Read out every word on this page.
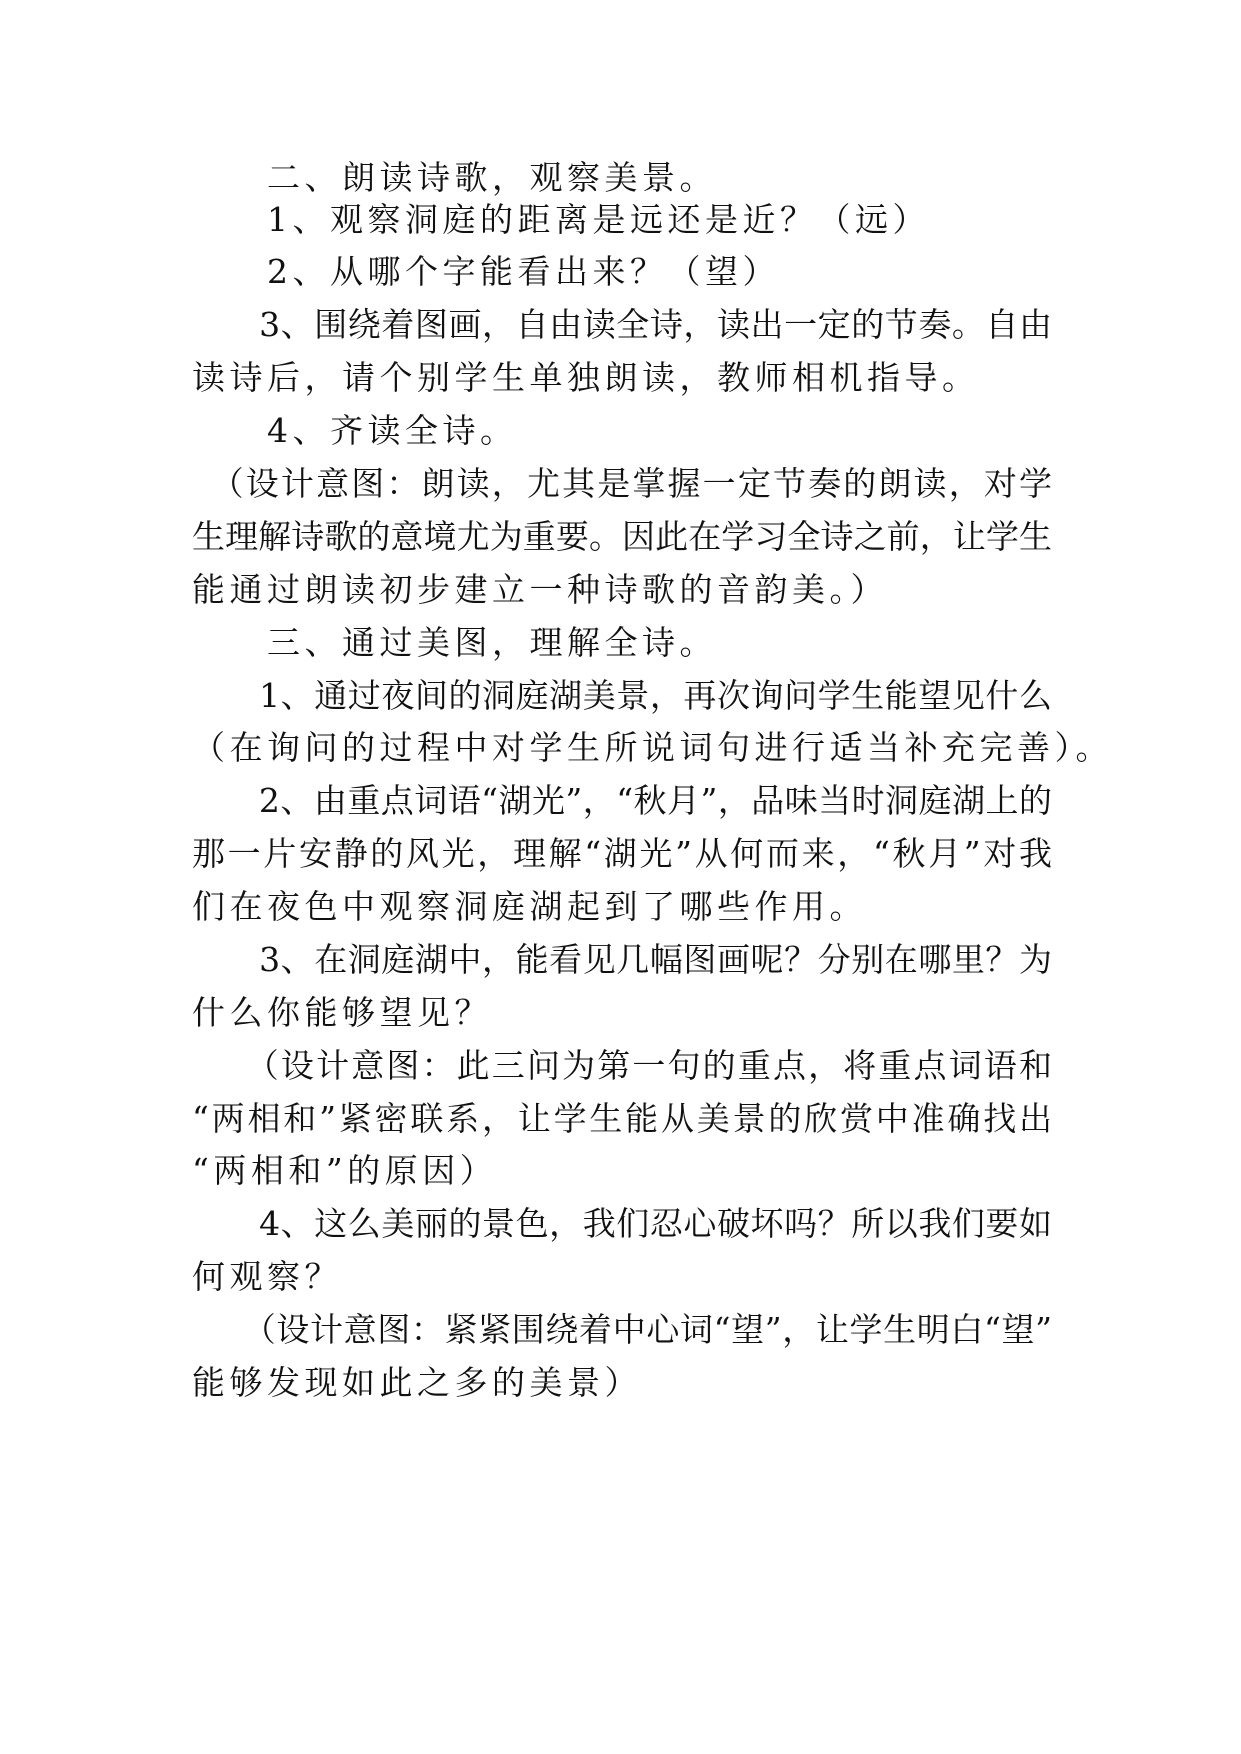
　　二、朗读诗歌，观察美景。
　　1、观察洞庭的距离是远还是近？（远）
　　2、从哪个字能看出来？（望）
　　3、围绕着图画，自由读全诗，读出一定的节奏。自由
读诗后，请个别学生单独朗读，教师相机指导。
　　4、齐读全诗。
　（设计意图：朗读，尤其是掌握一定节奏的朗读，对学
生理解诗歌的意境尤为重要。因此在学习全诗之前，让学生
能通过朗读初步建立一种诗歌的音韵美。）
　　三、通过美图，理解全诗。
　　1、通过夜间的洞庭湖美景，再次询问学生能望见什么
（在询问的过程中对学生所说词句进行适当补充完善）。
　　2、由重点词语“湖光”，“秋月”，品味当时洞庭湖上的
那一片安静的风光，理解“湖光”从何而来，“秋月”对我
们在夜色中观察洞庭湖起到了哪些作用。
　　3、在洞庭湖中，能看见几幅图画呢？分别在哪里？为
什么你能够望见？
　　（设计意图：此三问为第一句的重点，将重点词语和
“两相和”紧密联系，让学生能从美景的欣赏中准确找出
“两相和”的原因）
　　4、这么美丽的景色，我们忍心破坏吗？所以我们要如
何观察？
　　（设计意图：紧紧围绕着中心词“望”，让学生明白“望”
能够发现如此之多的美景）
